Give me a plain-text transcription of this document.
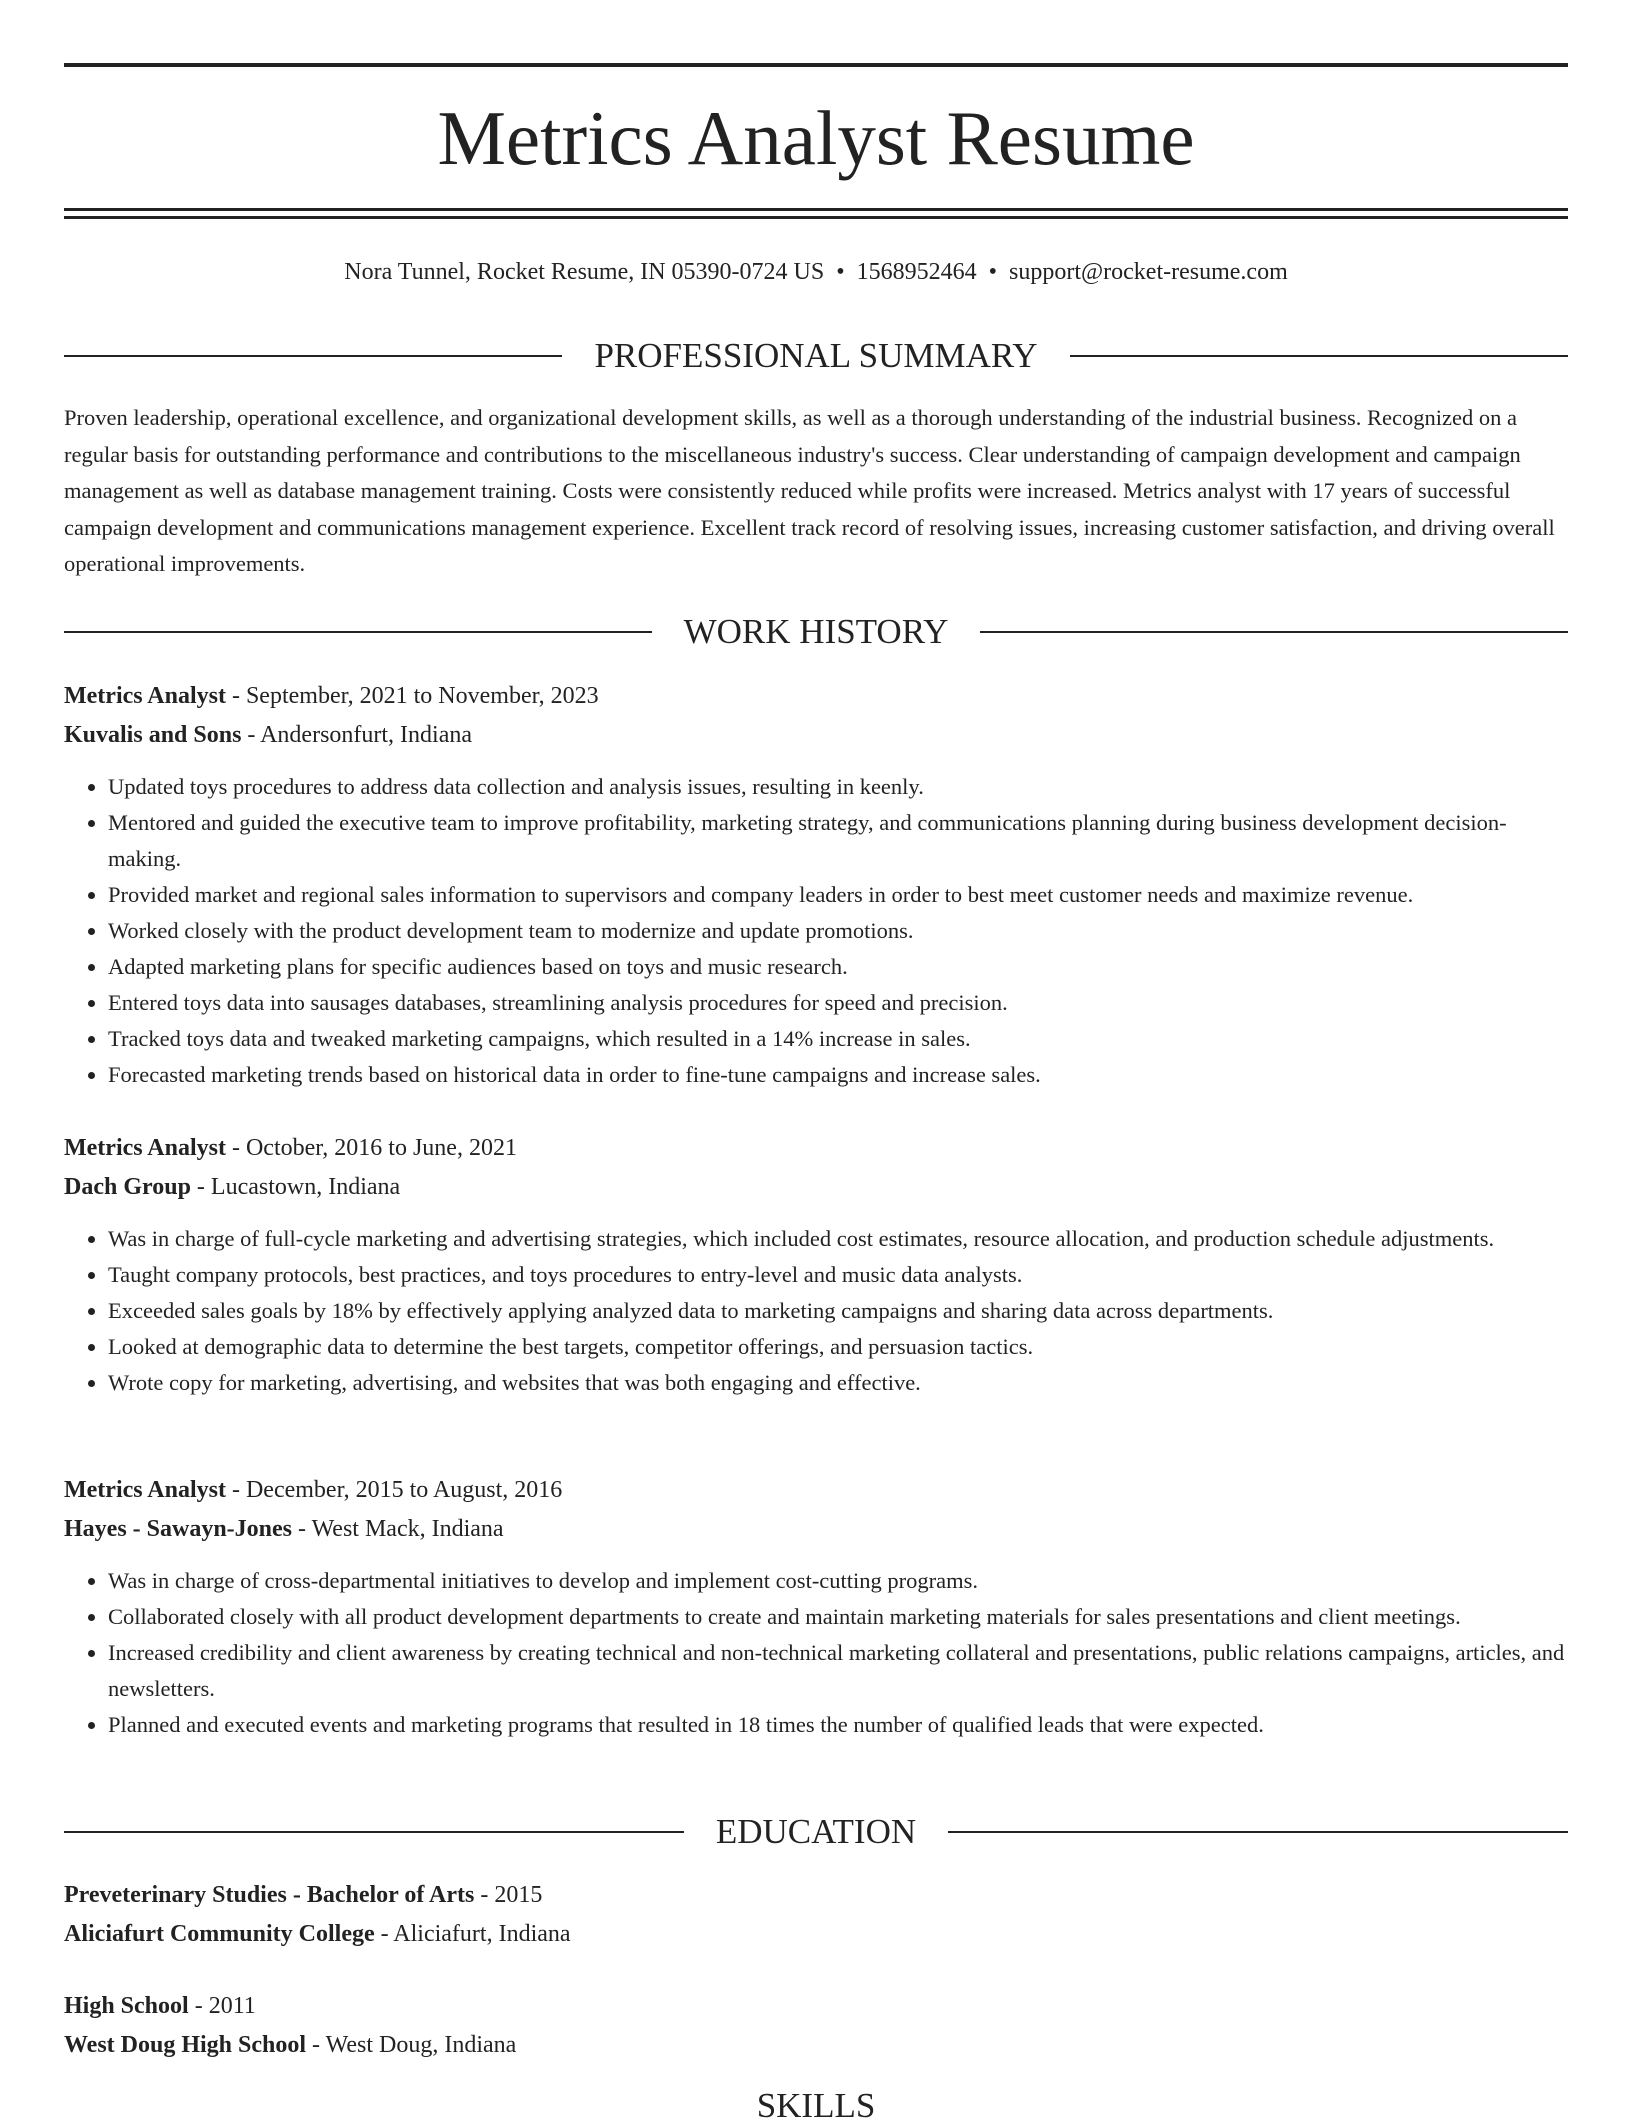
Metrics Analyst Resume
Nora Tunnel, Rocket Resume, IN 05390-0724 US • 1568952464 • support@rocket-resume.com
PROFESSIONAL SUMMARY

Proven leadership, operational excellence, and organizational development skills, as well as a thorough understanding of the industrial business. Recognized on a regular basis for outstanding performance and contributions to the miscellaneous industry's success. Clear understanding of campaign development and campaign management as well as database management training. Costs were consistently reduced while profits were increased. Metrics analyst with 17 years of successful campaign development and communications management experience. Excellent track record of resolving issues, increasing customer satisfaction, and driving overall operational improvements.

WORK HISTORY
Metrics Analyst - September, 2021 to November, 2023
Kuvalis and Sons - Andersonfurt, Indiana
• Updated toys procedures to address data collection and analysis issues, resulting in keenly.
• Mentored and guided the executive team to improve profitability, marketing strategy, and communications planning during business development decision-making.
• Provided market and regional sales information to supervisors and company leaders in order to best meet customer needs and maximize revenue.
• Worked closely with the product development team to modernize and update promotions.
• Adapted marketing plans for specific audiences based on toys and music research.
• Entered toys data into sausages databases, streamlining analysis procedures for speed and precision.
• Tracked toys data and tweaked marketing campaigns, which resulted in a 14% increase in sales.
• Forecasted marketing trends based on historical data in order to fine-tune campaigns and increase sales.
Metrics Analyst - October, 2016 to June, 2021
Dach Group - Lucastown, Indiana
• Was in charge of full-cycle marketing and advertising strategies, which included cost estimates, resource allocation, and production schedule adjustments.
• Taught company protocols, best practices, and toys procedures to entry-level and music data analysts.
• Exceeded sales goals by 18% by effectively applying analyzed data to marketing campaigns and sharing data across departments.
• Looked at demographic data to determine the best targets, competitor offerings, and persuasion tactics.
• Wrote copy for marketing, advertising, and websites that was both engaging and effective.
Metrics Analyst - December, 2015 to August, 2016
Hayes - Sawayn-Jones - West Mack, Indiana
• Was in charge of cross-departmental initiatives to develop and implement cost-cutting programs.
• Collaborated closely with all product development departments to create and maintain marketing materials for sales presentations and client meetings.
• Increased credibility and client awareness by creating technical and non-technical marketing collateral and presentations, public relations campaigns, articles, and newsletters.
• Planned and executed events and marketing programs that resulted in 18 times the number of qualified leads that were expected.
EDUCATION
Preveterinary Studies - Bachelor of Arts - 2015
Aliciafurt Community College - Aliciafurt, Indiana
High School - 2011
West Doug High School - West Doug, Indiana
SKILLS
